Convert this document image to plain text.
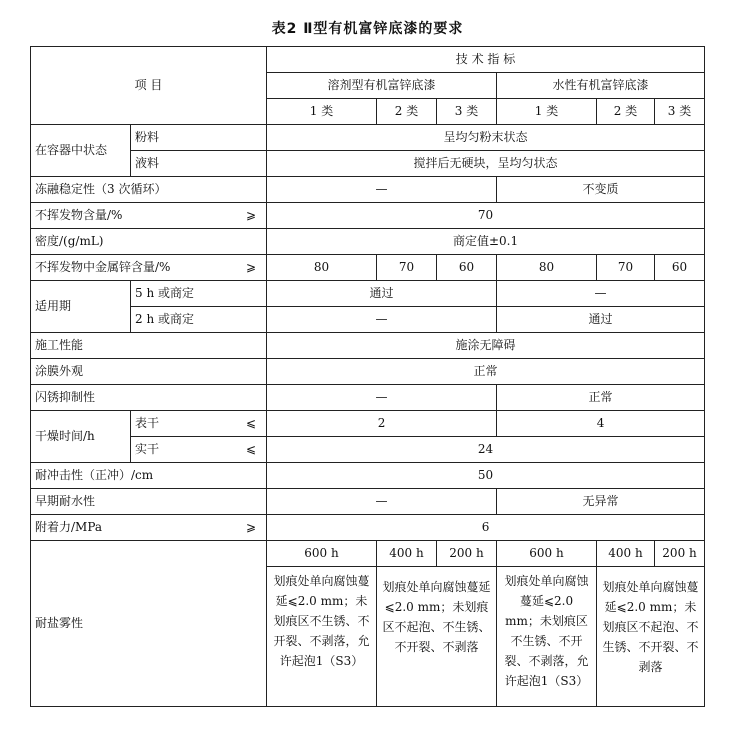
表2 Ⅱ型有机富锌底漆的要求
项 目		技 术 指 标					
		溶剂型有机富锌底漆			水性有机富锌底漆		
		1 类	2 类	3 类	1 类	2 类	3 类
在容器中状态	粉料	呈均匀粉末状态					
	液料	搅拌后无硬块，呈均匀状态					
冻融稳定性（3 次循环）		—			不变质		
不挥发物含量/%	⩾	70					
密度/(g/mL)		商定值±0.1					
不挥发物中金属锌含量/%	⩾	80	70	60	80	70	60
适用期	5 h 或商定	通过			—		
	2 h 或商定	—			通过		
施工性能		施涂无障碍					
涂膜外观		正常					
闪锈抑制性		—			正常		
干燥时间/h	表干 ⩽	2			4		
	实干 ⩽	24					
耐冲击性（正冲）/cm		50					
早期耐水性		—			无异常		
附着力/MPa	⩾	6					
耐盐雾性		600 h	400 h	200 h	600 h	400 h	200 h
		划痕处单向腐蚀蔓延⩽2.0 mm；未划痕区不生锈、不开裂、不剥落，允许起泡1（S3）	划痕处单向腐蚀蔓延⩽2.0 mm；未划痕区不起泡、不生锈、不开裂、不剥落		划痕处单向腐蚀蔓延⩽2.0 mm；未划痕区不生锈、不开裂、不剥落，允许起泡1（S3）	划痕处单向腐蚀蔓延⩽2.0 mm；未划痕区不起泡、不生锈、不开裂、不剥落	
